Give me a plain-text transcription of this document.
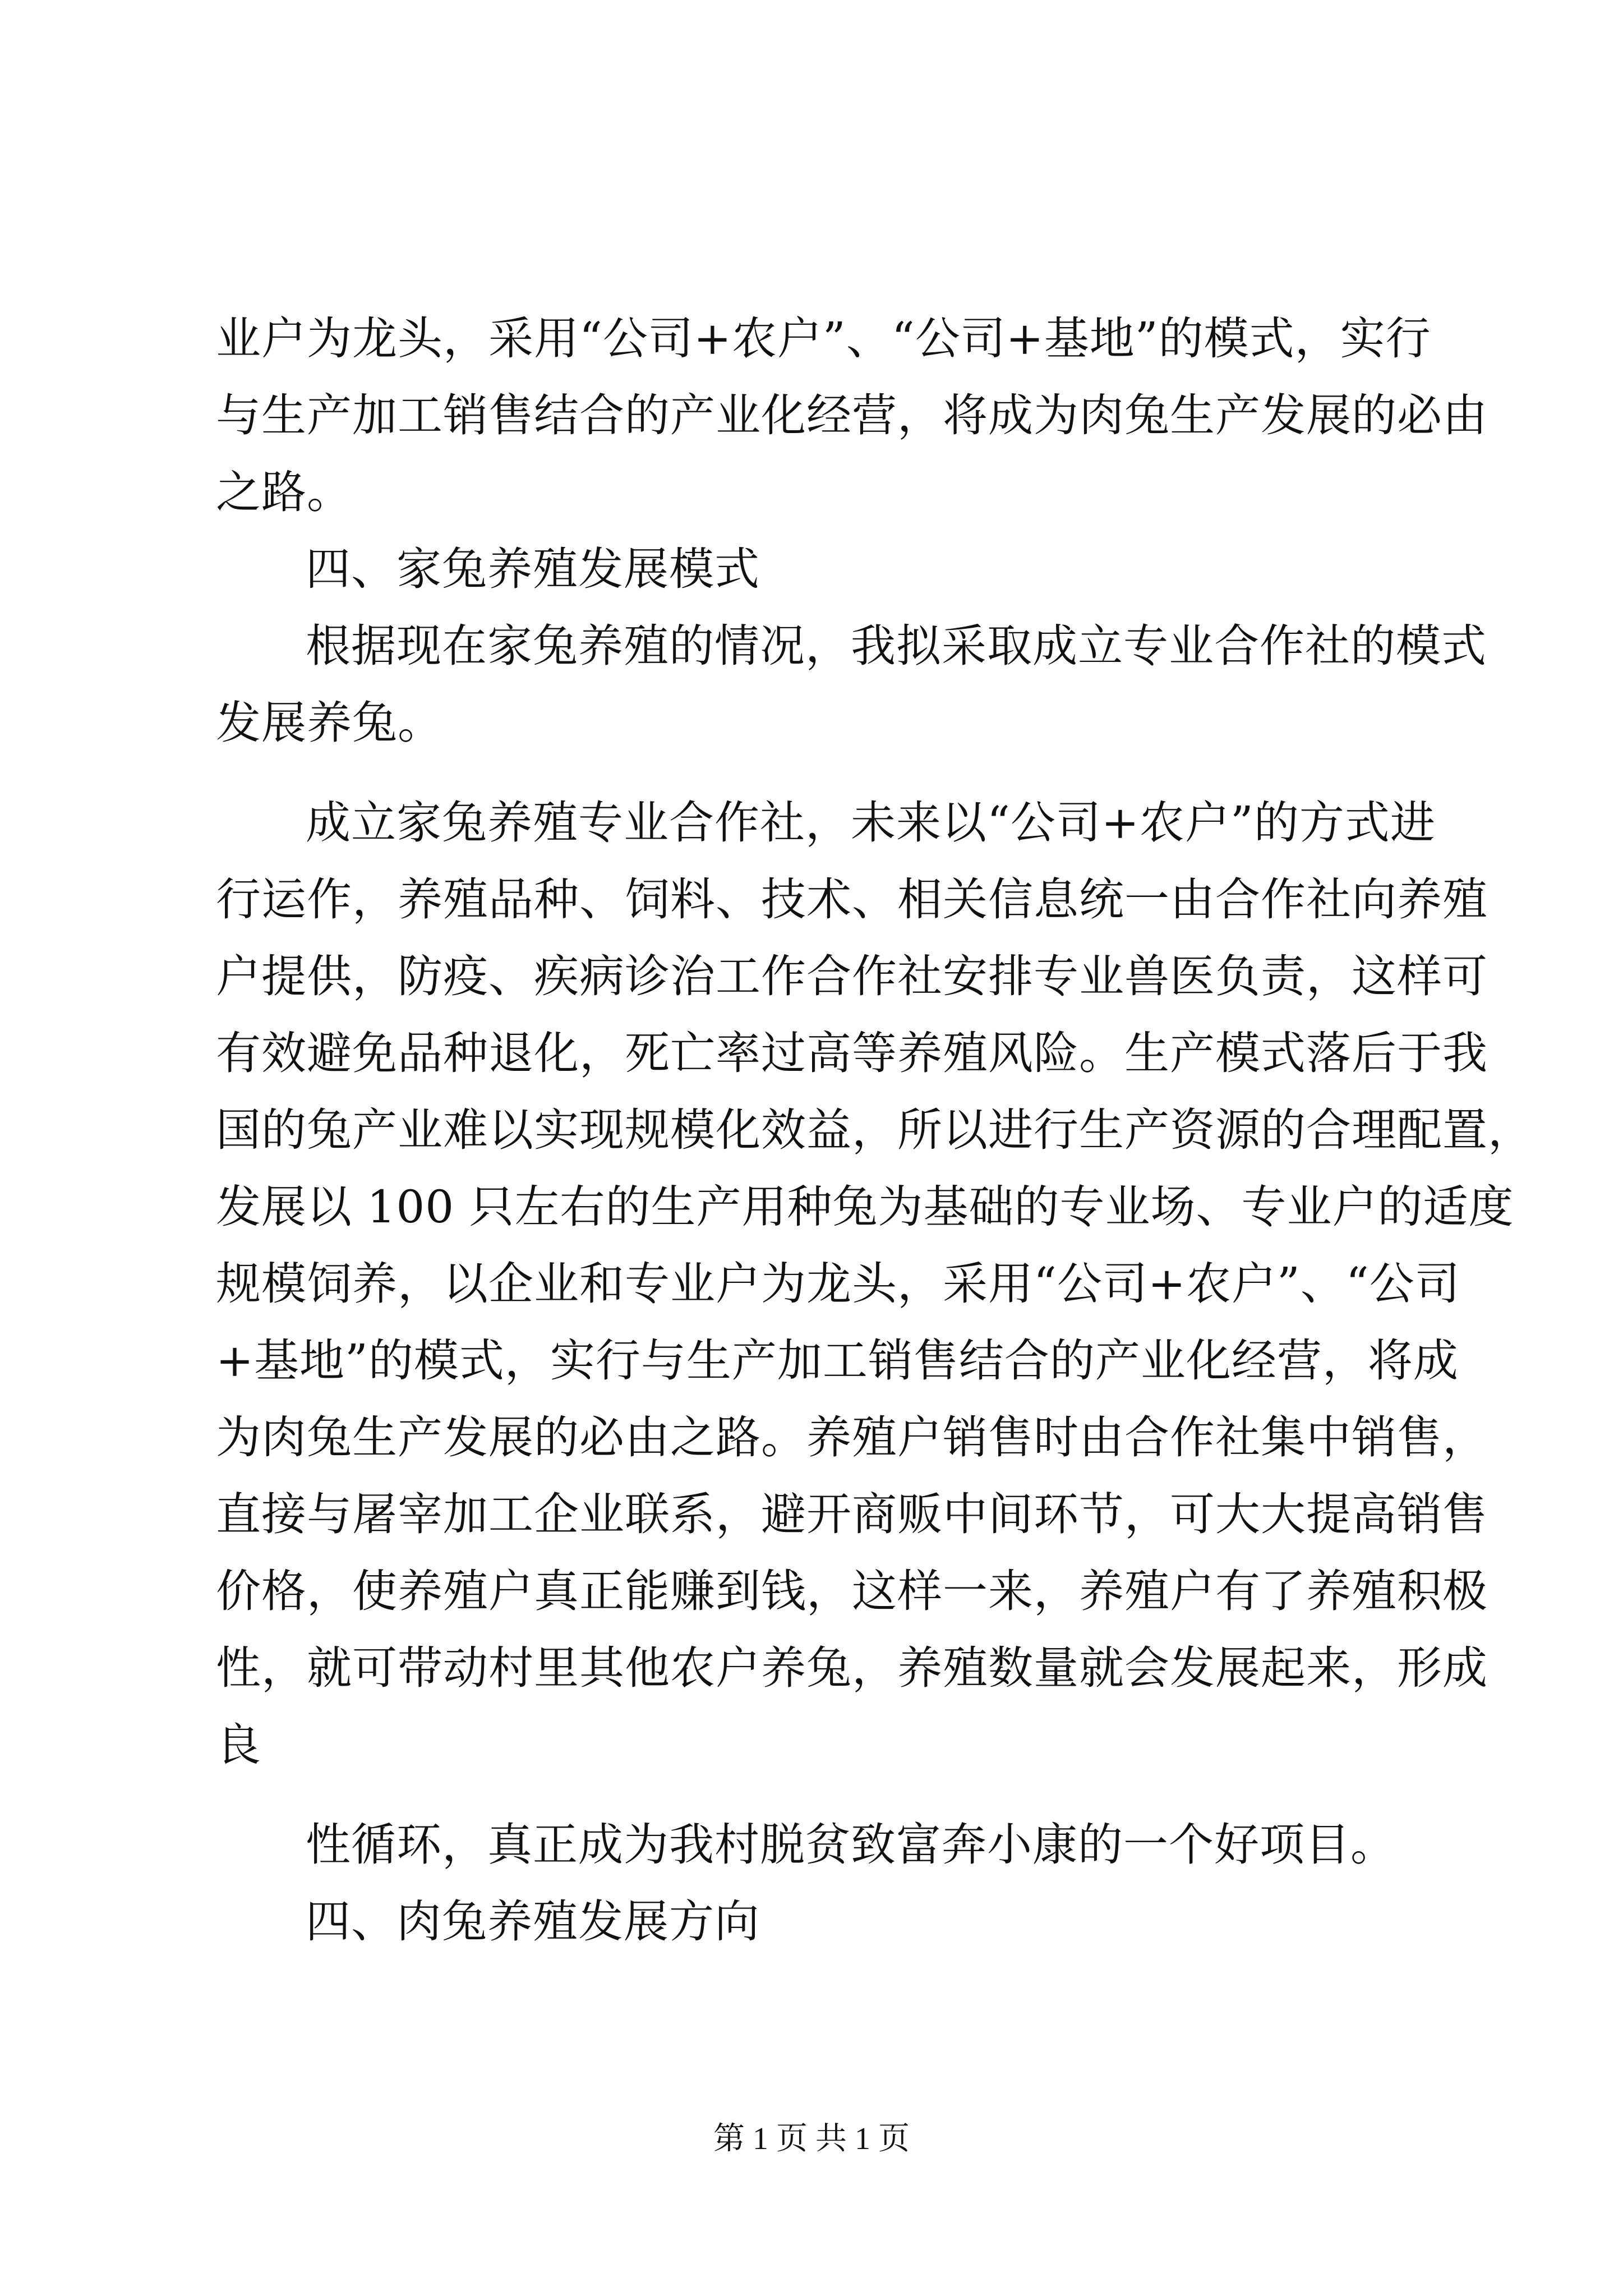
业户为龙头，采用“公司+农户”、“公司+基地”的模式，实行
与生产加工销售结合的产业化经营，将成为肉兔生产发展的必由
之路。
四、家兔养殖发展模式
根据现在家兔养殖的情况，我拟采取成立专业合作社的模式
发展养兔。
成立家兔养殖专业合作社，未来以“公司+农户”的方式进
行运作，养殖品种、饲料、技术、相关信息统一由合作社向养殖
户提供，防疫、疾病诊治工作合作社安排专业兽医负责，这样可
有效避免品种退化，死亡率过高等养殖风险。生产模式落后于我
国的兔产业难以实现规模化效益，所以进行生产资源的合理配置，
发展以 100 只左右的生产用种兔为基础的专业场、专业户的适度
规模饲养，以企业和专业户为龙头，采用“公司+农户”、“公司
+基地”的模式，实行与生产加工销售结合的产业化经营，将成
为肉兔生产发展的必由之路。养殖户销售时由合作社集中销售，
直接与屠宰加工企业联系，避开商贩中间环节，可大大提高销售
价格，使养殖户真正能赚到钱，这样一来，养殖户有了养殖积极
性，就可带动村里其他农户养兔，养殖数量就会发展起来，形成
良
性循环，真正成为我村脱贫致富奔小康的一个好项目。
四、肉兔养殖发展方向
第 1 页 共 1 页
